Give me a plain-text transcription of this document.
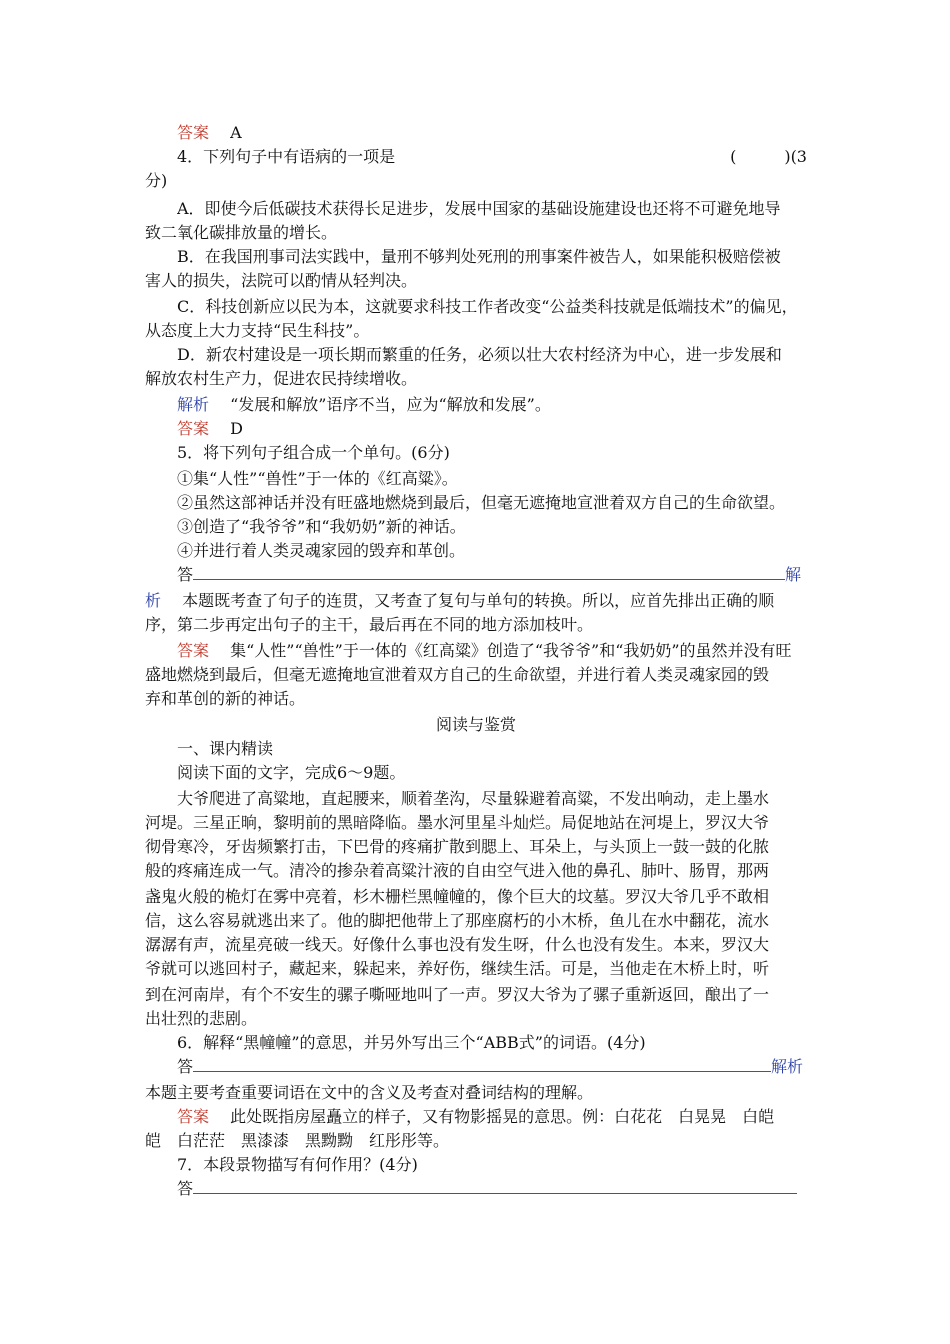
答案　 A
4．下列句子中有语病的一项是	(　　　)(3
分)
A．即使今后低碳技术获得长足进步，发展中国家的基础设施建设也还将不可避免地导
致二氧化碳排放量的增长。
B．在我国刑事司法实践中，量刑不够判处死刑的刑事案件被告人，如果能积极赔偿被
害人的损失，法院可以酌情从轻判决。
C．科技创新应以民为本，这就要求科技工作者改变“公益类科技就是低端技术”的偏见，
从态度上大力支持“民生科技”。
D．新农村建设是一项长期而繁重的任务，必须以壮大农村经济为中心，进一步发展和
解放农村生产力，促进农民持续增收。
解析　 “发展和解放”语序不当，应为“解放和发展”。
答案　 D
5．将下列句子组合成一个单句。(6分)
①集“人性”“兽性”于一体的《红高粱》。
②虽然这部神话并没有旺盛地燃烧到最后，但毫无遮掩地宣泄着双方自己的生命欲望。
③创造了“我爷爷”和“我奶奶”新的神话。
④并进行着人类灵魂家园的毁弃和革创。
答	解
析　 本题既考查了句子的连贯，又考查了复句与单句的转换。所以，应首先排出正确的顺
序，第二步再定出句子的主干，最后再在不同的地方添加枝叶。
答案　 集“人性”“兽性”于一体的《红高粱》创造了“我爷爷”和“我奶奶”的虽然并没有旺
盛地燃烧到最后，但毫无遮掩地宣泄着双方自己的生命欲望，并进行着人类灵魂家园的毁
弃和革创的新的神话。
阅读与鉴赏
一、课内精读
阅读下面的文字，完成6～9题。
大爷爬进了高粱地，直起腰来，顺着垄沟，尽量躲避着高粱，不发出响动，走上墨水
河堤。三星正晌，黎明前的黑暗降临。墨水河里星斗灿烂。局促地站在河堤上，罗汉大爷
彻骨寒冷，牙齿频繁打击，下巴骨的疼痛扩散到腮上、耳朵上，与头顶上一鼓一鼓的化脓
般的疼痛连成一气。清冷的掺杂着高粱汁液的自由空气进入他的鼻孔、肺叶、肠胃，那两
盏鬼火般的桅灯在雾中亮着，杉木栅栏黑幢幢的，像个巨大的坟墓。罗汉大爷几乎不敢相
信，这么容易就逃出来了。他的脚把他带上了那座腐朽的小木桥，鱼儿在水中翻花，流水
潺潺有声，流星亮破一线天。好像什么事也没有发生呀，什么也没有发生。本来，罗汉大
爷就可以逃回村子，藏起来，躲起来，养好伤，继续生活。可是，当他走在木桥上时，听
到在河南岸，有个不安生的骡子嘶哑地叫了一声。罗汉大爷为了骡子重新返回，酿出了一
出壮烈的悲剧。
6．解释“黑幢幢”的意思，并另外写出三个“ABB式”的词语。(4分)
答	解析
本题主要考查重要词语在文中的含义及考查对叠词结构的理解。
答案　 此处既指房屋矗立的样子，又有物影摇晃的意思。例：白花花　白晃晃　白皑
皑　白茫茫　黑漆漆　黑黝黝　红彤彤等。
7．本段景物描写有何作用？(4分)
答
